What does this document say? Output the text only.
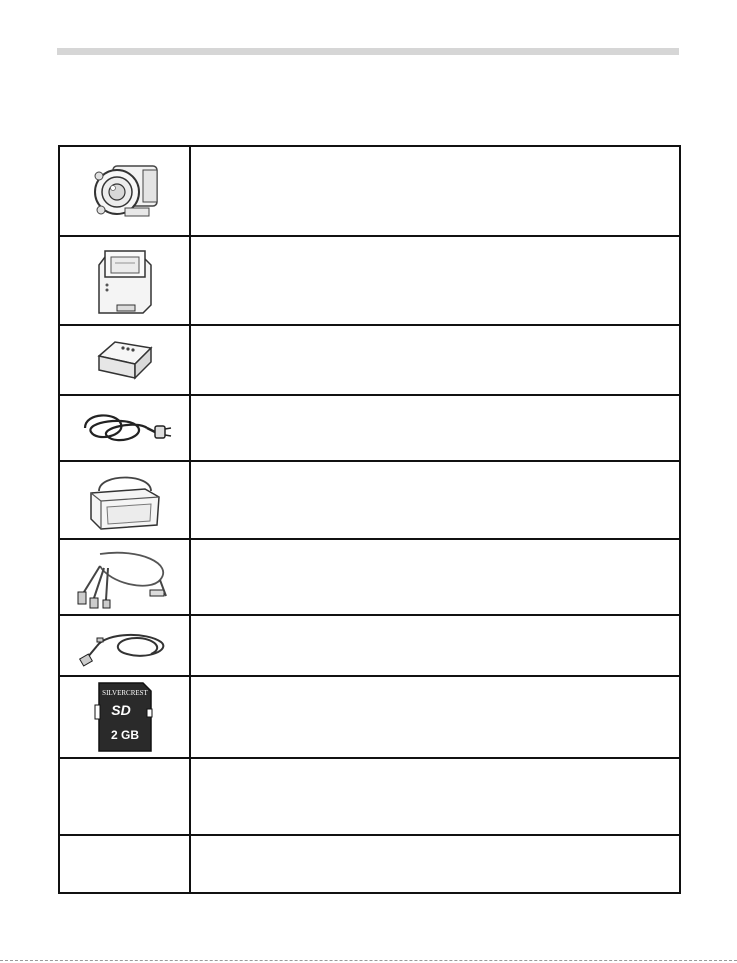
SILVERCREST
SD
2 GB	
